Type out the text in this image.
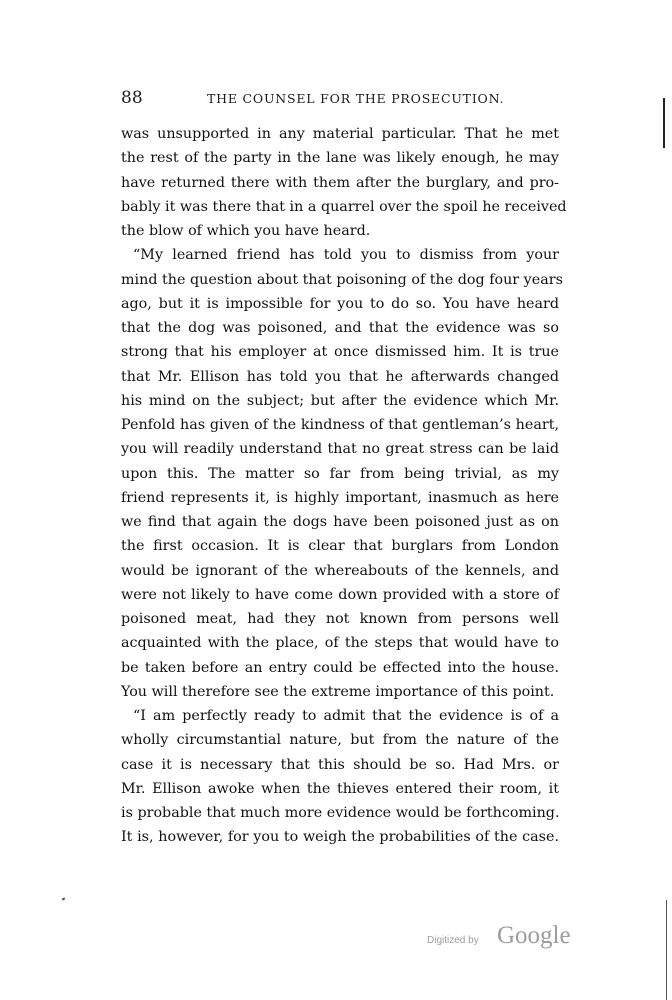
88	THE COUNSEL FOR THE PROSECUTION.
was unsupported in any material particular. That he met
the rest of the party in the lane was likely enough, he may
have returned there with them after the burglary, and pro-
bably it was there that in a quarrel over the spoil he received
the blow of which you have heard.
“My learned friend has told you to dismiss from your
mind the question about that poisoning of the dog four years
ago, but it is impossible for you to do so. You have heard
that the dog was poisoned, and that the evidence was so
strong that his employer at once dismissed him. It is true
that Mr. Ellison has told you that he afterwards changed
his mind on the subject; but after the evidence which Mr.
Penfold has given of the kindness of that gentleman’s heart,
you will readily understand that no great stress can be laid
upon this. The matter so far from being trivial, as my
friend represents it, is highly important, inasmuch as here
we find that again the dogs have been poisoned just as on
the first occasion. It is clear that burglars from London
would be ignorant of the whereabouts of the kennels, and
were not likely to have come down provided with a store of
poisoned meat, had they not known from persons well
acquainted with the place, of the steps that would have to
be taken before an entry could be effected into the house.
You will therefore see the extreme importance of this point.
“I am perfectly ready to admit that the evidence is of a
wholly circumstantial nature, but from the nature of the
case it is necessary that this should be so. Had Mrs. or
Mr. Ellison awoke when the thieves entered their room, it
is probable that much more evidence would be forthcoming.
It is, however, for you to weigh the probabilities of the case.
Digitized by Google
